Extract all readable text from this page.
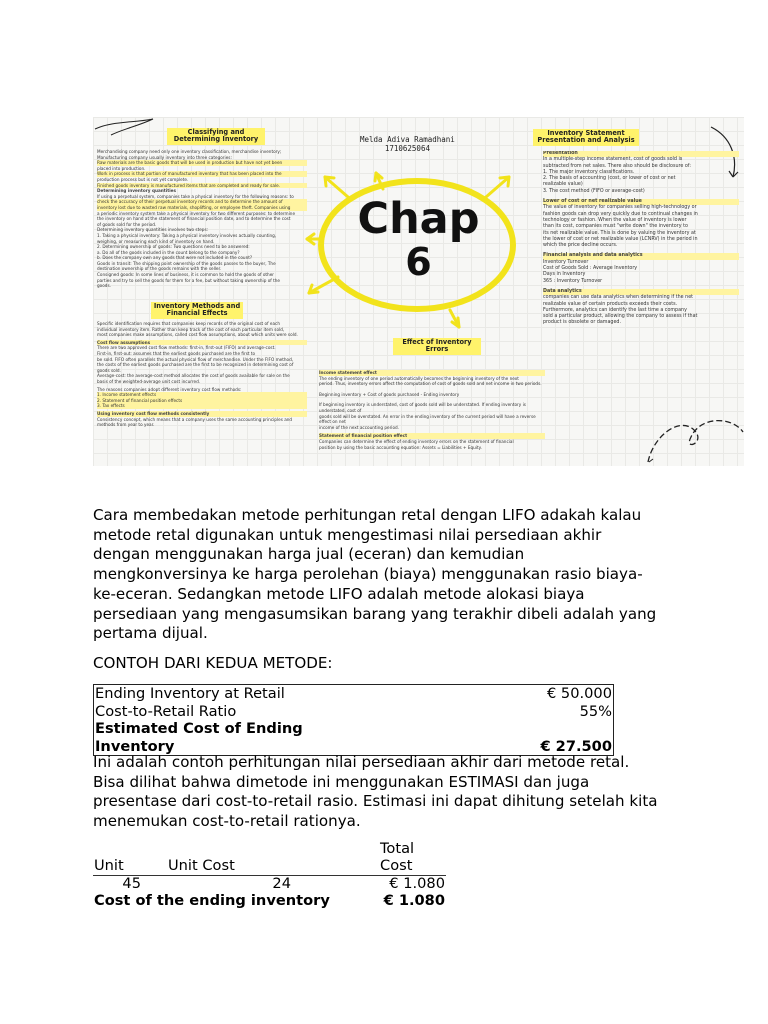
Classifying and Determining Inventory	Melda Adiva Ramadhani
1710625064
Inventory Statement Presentation and Analysis
Chap
6
Inventory Methods and Financial Effects
Effect of Inventory Errors

Merchandising company need only one inventory classification, merchandise inventory;

Manufacturing company usually inventory into three categories:

Raw materials are the basic goods that will be used in production but have not yet been

placed into production.

Work in process is that portion of manufactured inventory that has been placed into the

production process but is not yet complete.

Finished goods inventory is manufactured items that are completed and ready for sale.

Determining inventory quantities

If using a perpetual system, companies take a physical inventory for the following reasons: to

check the accuracy of their perpetual inventory records and to determine the amount of

inventory lost due to wasted raw materials, shoplifting, or employee theft. Companies using

a periodic inventory system take a physical inventory for two different purposes: to determine

the inventory on hand at the statement of financial position date, and to determine the cost

of goods sold for the period.

Determining inventory quantities involves two steps:

1. Taking a physical inventory: Taking a physical inventory involves actually counting,

weighing, or measuring each kind of inventory on hand.

2. Determining ownership of goods: Two questions need to be answered:

a. Do all of the goods included in the count belong to the company?

b. Does the company own any goods that were not included in the count?

Goods in transit: The shipping point ownership of the goods passes to the buyer, The

destination ownership of the goods remains with the seller.

Consigned goods: In some lines of business, it is common to hold the goods of other

parties and try to sell the goods for them for a fee, but without taking ownership of the

goods.

Presentation

In a multiple-step income statement, cost of goods sold is

subtracted from net sales. There also should be disclosure of:

1. The major inventory classifications.

2. The basis of accounting (cost, or lower of cost or net

realizable value)

3. The cost method (FIFO or average-cost)

Lower of cost or net realizable value

The value of inventory for companies selling high-technology or

fashion goods can drop very quickly due to continual changes in

technology or fashion. When the value of inventory is lower

than its cost, companies must "write down" the inventory to

its net realizable value. This is done by valuing the inventory at

the lower of cost or net realizable value (LCNRV) in the period in

which the price decline occurs.

Financial analysis and data analytics

Inventory Turnover

Cost of Goods Sold : Average Inventory

Days in Inventory

365 : Inventory Turnover

Data analytics

companies can use data analytics when determining if the net

realizable value of certain products exceeds their costs.

Furthermore, analytics can identify the last time a company

sold a particular product, allowing the company to assess if that

product is obsolete or damaged.

Specific identification requires that companies keep records of the original cost of each

individual inventory item. Rather than keep track of the cost of each particular item sold,

most companies make assumptions, called cost flow assumptions, about which units were sold.

Cost flow assumptions

There are two approved cost flow methods: first-in, first-out (FIFO) and average-cost.

First-in, first-out: assumes that the earliest goods purchased are the first to

be sold. FIFO often parallels the actual physical flow of merchandise. Under the FIFO method,

the costs of the earliest goods purchased are the first to be recognized in determining cost of

goods sold.

Average-cost: the average-cost method allocates the cost of goods available for sale on the

basis of the weighted-average unit cost incurred.

The reasons companies adopt different inventory cost flow methods:

1. Income statement effects

2. Statement of financial position effects

3. Tax effects

Using inventory cost flow methods consistently

Consistency concept, which means that a company uses the same accounting principles and

methods from year to year.

Income statement effect

The ending inventory of one period automatically becomes the beginning inventory of the next

period. Thus, inventory errors affect the computation of cost of goods sold and net income in two periods.

Beginning inventory + Cost of goods purchased - Ending inventory

If beginning inventory is understated, cost of goods sold will be understated. If ending inventory is understated, cost of

goods sold will be overstated. An error in the ending inventory of the current period will have a reverse effect on net

income of the next accounting period.

Statement of financial position effect

Companies can determine the effect of ending inventory errors on the statement of financial

position by using the basic accounting equation: Assets = Liabilities + Equity.

Cara membedakan metode perhitungan retal dengan LIFO adakah kalau

metode retal digunakan untuk mengestimasi nilai persediaan akhir

dengan menggunakan harga jual (eceran) dan kemudian

mengkonversinya ke harga perolehan (biaya) menggunakan rasio biaya-

ke-eceran. Sedangkan metode LIFO adalah metode alokasi biaya

persediaan yang mengasumsikan barang yang terakhir dibeli adalah yang

pertama dijual.

CONTOH DARI KEDUA METODE:

Ending Inventory at Retail	€ 50.000
Cost-to-Retail Ratio	55%

Estimated Cost of Ending
Inventory	€ 27.500

Ini adalah contoh perhitungan nilai persediaan akhir dari metode retal.

Bisa dilihat bahwa dimetode ini menggunakan ESTIMASI dan juga

presentase dari cost-to-retail rasio. Estimasi ini dapat dihitung setelah kita

menemukan cost-to-retail rationya.

Unit	Unit Cost		Total
Cost

45	24		€ 1.080
Cost of the ending inventory			€ 1.080
